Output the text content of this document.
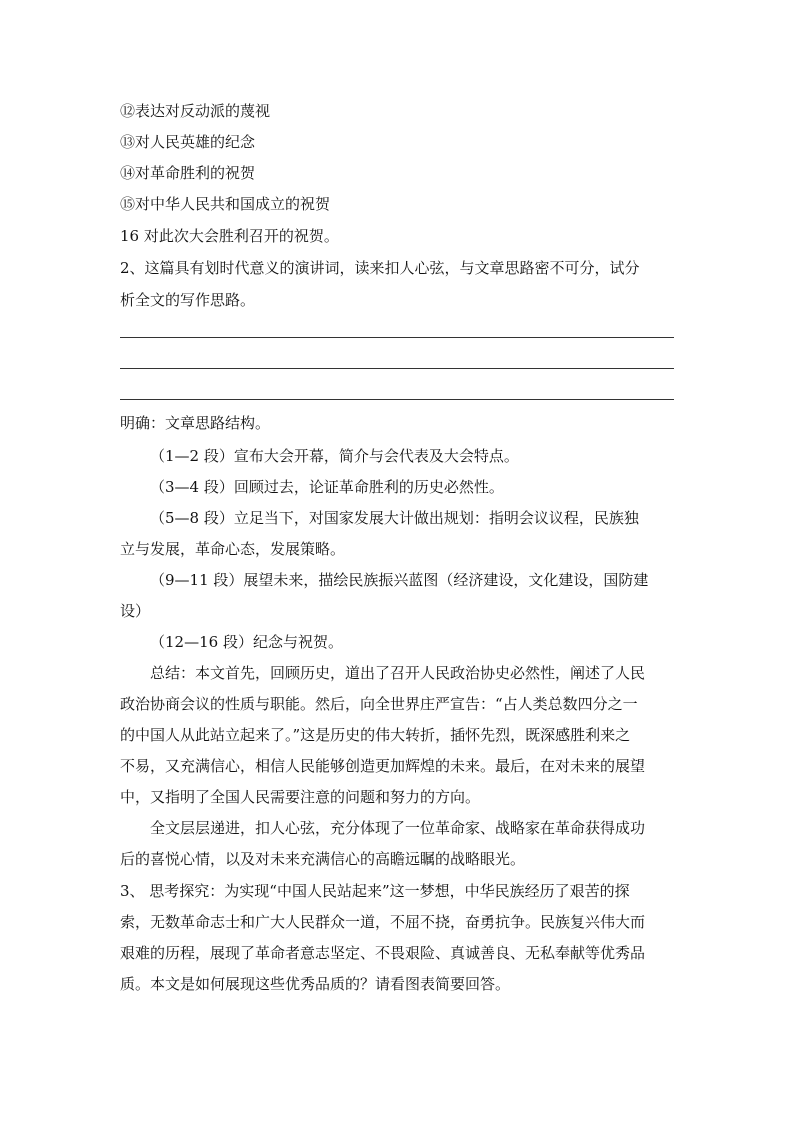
⑫表达对反动派的蔑视
⑬对人民英雄的纪念
⑭对革命胜利的祝贺
⑮对中华人民共和国成立的祝贺
16 对此次大会胜利召开的祝贺。
2、这篇具有划时代意义的演讲词，读来扣人心弦，与文章思路密不可分，试分
析全文的写作思路。
明确：文章思路结构。
（1—2 段）宣布大会开幕，简介与会代表及大会特点。
（3—4 段）回顾过去，论证革命胜利的历史必然性。
（5—8 段）立足当下，对国家发展大计做出规划：指明会议议程，民族独
立与发展，革命心态，发展策略。
（9—11 段）展望未来，描绘民族振兴蓝图（经济建设，文化建设，国防建
设）
（12—16 段）纪念与祝贺。
总结：本文首先，回顾历史，道出了召开人民政治协史必然性，阐述了人民
政治协商会议的性质与职能。然后，向全世界庄严宣告：“占人类总数四分之一
的中国人从此站立起来了。”这是历史的伟大转折，插怀先烈，既深感胜利来之
不易，又充满信心，相信人民能够创造更加辉煌的未来。最后，在对未来的展望
中，又指明了全国人民需要注意的问题和努力的方向。
全文层层递进，扣人心弦，充分体现了一位革命家、战略家在革命获得成功
后的喜悦心情，以及对未来充满信心的高瞻远瞩的战略眼光。
3、 思考探究：为实现“中国人民站起来”这一梦想，中华民族经历了艰苦的探
索，无数革命志士和广大人民群众一道，不屈不挠，奋勇抗争。民族复兴伟大而
艰难的历程，展现了革命者意志坚定、不畏艰险、真诚善良、无私奉献等优秀品
质。本文是如何展现这些优秀品质的？请看图表简要回答。
